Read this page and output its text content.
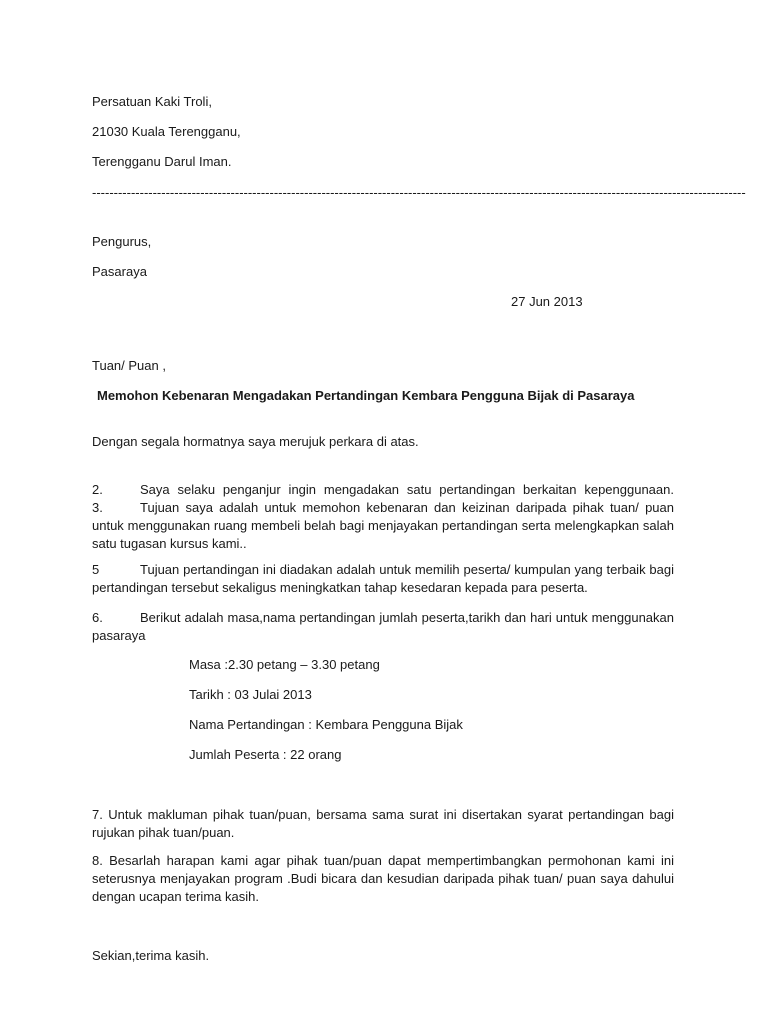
Persatuan Kaki Troli,
21030 Kuala Terengganu,
Terengganu Darul Iman.
-------------------------------------------------------------------------------------------------------------------------------------------------------
Pengurus,
Pasaraya
27 Jun 2013
Tuan/ Puan ,
Memohon Kebenaran Mengadakan Pertandingan Kembara Pengguna Bijak di Pasaraya
Dengan segala hormatnya saya merujuk perkara di atas.
2.	Saya selaku penganjur ingin mengadakan satu pertandingan berkaitan kepenggunaan.
3.	Tujuan saya adalah untuk memohon kebenaran dan keizinan daripada pihak tuan/ puan
untuk menggunakan ruang membeli belah bagi menjayakan pertandingan serta melengkapkan salah
satu tugasan kursus kami..
5	Tujuan pertandingan ini diadakan adalah untuk memilih peserta/ kumpulan yang terbaik bagi
pertandingan tersebut sekaligus meningkatkan tahap kesedaran kepada para peserta.
6.	Berikut adalah masa,nama pertandingan jumlah peserta,tarikh dan hari untuk menggunakan
pasaraya
Masa :2.30 petang – 3.30 petang
Tarikh : 03 Julai 2013
Nama Pertandingan : Kembara Pengguna Bijak
Jumlah Peserta : 22 orang
7. Untuk makluman pihak tuan/puan, bersama sama surat ini disertakan syarat pertandingan bagi
rujukan pihak tuan/puan.
8. Besarlah harapan kami agar pihak tuan/puan dapat mempertimbangkan permohonan kami ini
seterusnya menjayakan program .Budi bicara dan kesudian daripada pihak tuan/ puan saya dahului
dengan ucapan terima kasih.
Sekian,terima kasih.
